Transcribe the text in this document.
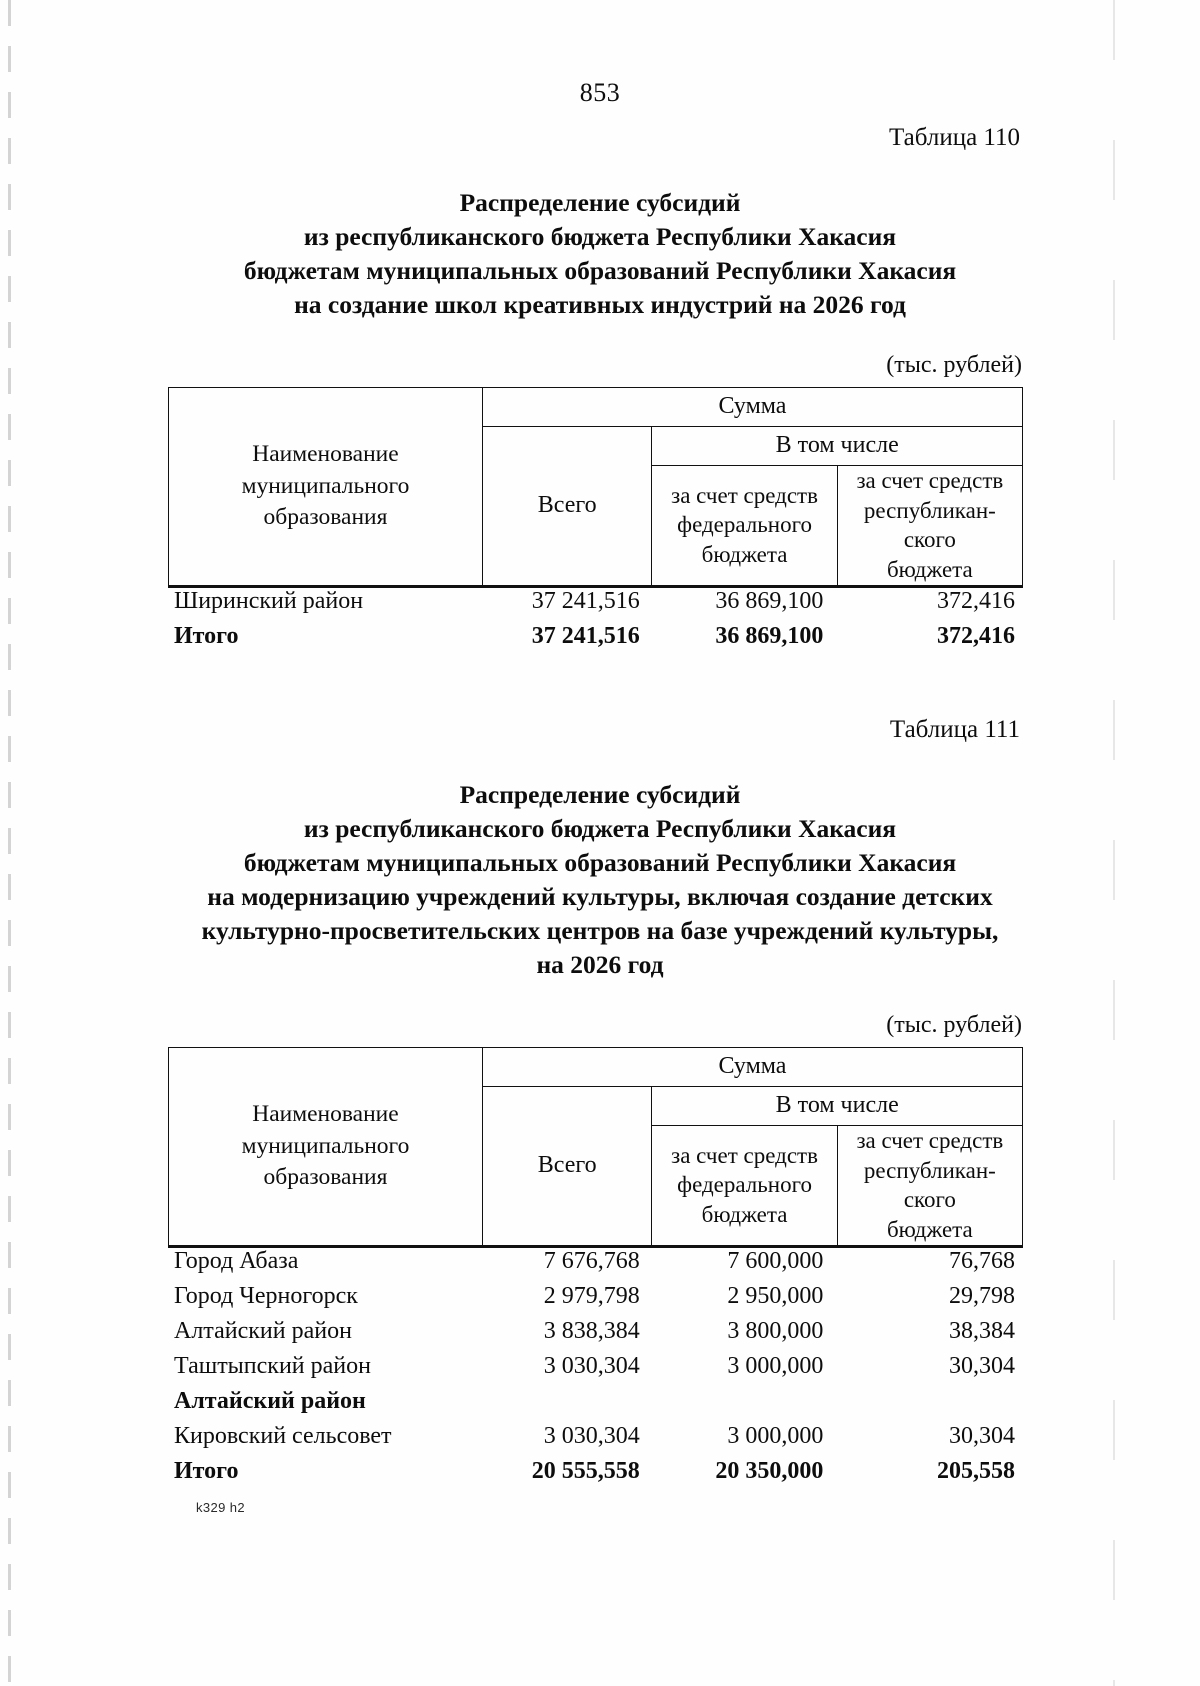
853
Таблица 110
Распределение субсидий
из республиканского бюджета Республики Хакасия
бюджетам муниципальных образований Республики Хакасия
на создание школ креативных индустрий на 2026 год
(тыс. рублей)
Наименование
муниципального
образования	Сумма		
	Всего	В том числе	
		за счет средств
федерального
бюджета	за счет средств
республикан-
ского
бюджета
Ширинский район	37 241,516	36 869,100	372,416
Итого	37 241,516	36 869,100	372,416
Таблица 111
Распределение субсидий
из республиканского бюджета Республики Хакасия
бюджетам муниципальных образований Республики Хакасия
на модернизацию учреждений культуры, включая создание детских
культурно-просветительских центров на базе учреждений культуры,
на 2026 год
(тыс. рублей)
Наименование
муниципального
образования	Сумма		
	Всего	В том числе	
		за счет средств
федерального
бюджета	за счет средств
республикан-
ского
бюджета
Город Абаза	7 676,768	7 600,000	76,768
Город Черногорск	2 979,798	2 950,000	29,798
Алтайский район	3 838,384	3 800,000	38,384
Таштыпский район	3 030,304	3 000,000	30,304
Алтайский район
Кировский сельсовет	3 030,304	3 000,000	30,304
Итого	20 555,558	20 350,000	205,558
k329 h2
